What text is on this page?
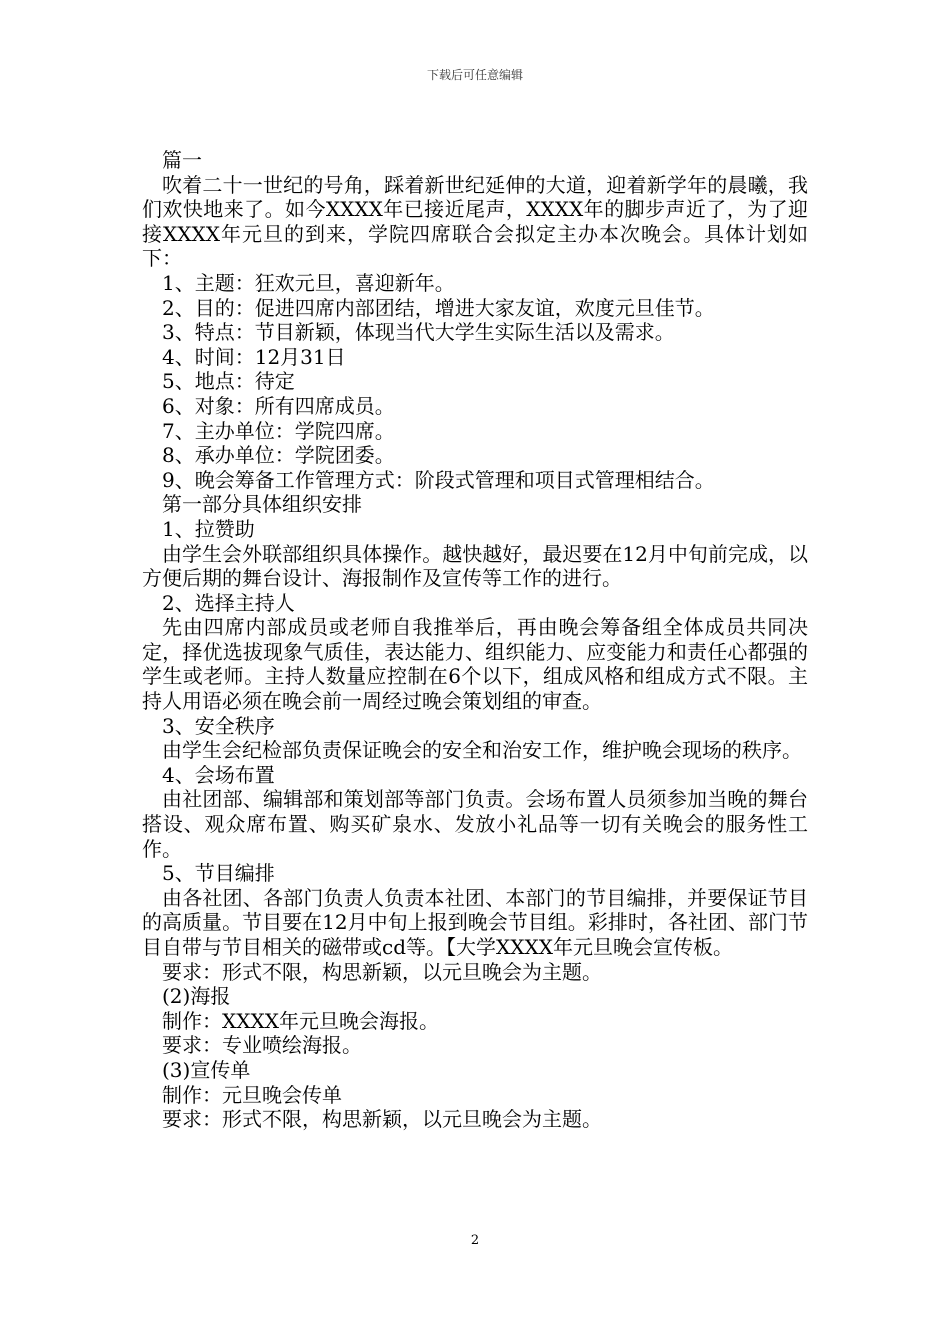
下载后可任意编辑

篇一

吹着二十一世纪的号角，踩着新世纪延伸的大道，迎着新学年的晨曦，我们欢快地来了。如今XXXX年已接近尾声，XXXX年的脚步声近了，为了迎接XXXX年元旦的到来，学院四席联合会拟定主办本次晚会。具体计划如下：

1、主题：狂欢元旦，喜迎新年。

2、目的：促进四席内部团结，增进大家友谊，欢度元旦佳节。

3、特点：节目新颖，体现当代大学生实际生活以及需求。

4、时间：12月31日

5、地点：待定

6、对象：所有四席成员。

7、主办单位：学院四席。

8、承办单位：学院团委。

9、晚会筹备工作管理方式：阶段式管理和项目式管理相结合。

第一部分具体组织安排

1、拉赞助

由学生会外联部组织具体操作。越快越好，最迟要在12月中旬前完成，以方便后期的舞台设计、海报制作及宣传等工作的进行。

2、选择主持人

先由四席内部成员或老师自我推举后，再由晚会筹备组全体成员共同决定，择优选拔现象气质佳，表达能力、组织能力、应变能力和责任心都强的学生或老师。主持人数量应控制在6个以下，组成风格和组成方式不限。主持人用语必须在晚会前一周经过晚会策划组的审查。

3、安全秩序

由学生会纪检部负责保证晚会的安全和治安工作，维护晚会现场的秩序。

4、会场布置

由社团部、编辑部和策划部等部门负责。会场布置人员须参加当晚的舞台搭设、观众席布置、购买矿泉水、发放小礼品等一切有关晚会的服务性工作。

5、节目编排

由各社团、各部门负责人负责本社团、本部门的节目编排，并要保证节目的高质量。节目要在12月中旬上报到晚会节目组。彩排时，各社团、部门节目自带与节目相关的磁带或cd等。【大学XXXX年元旦晚会宣传板。

要求：形式不限，构思新颖，以元旦晚会为主题。

(2)海报

制作：XXXX年元旦晚会海报。

要求：专业喷绘海报。

(3)宣传单

制作：元旦晚会传单

要求：形式不限，构思新颖，以元旦晚会为主题。

2
